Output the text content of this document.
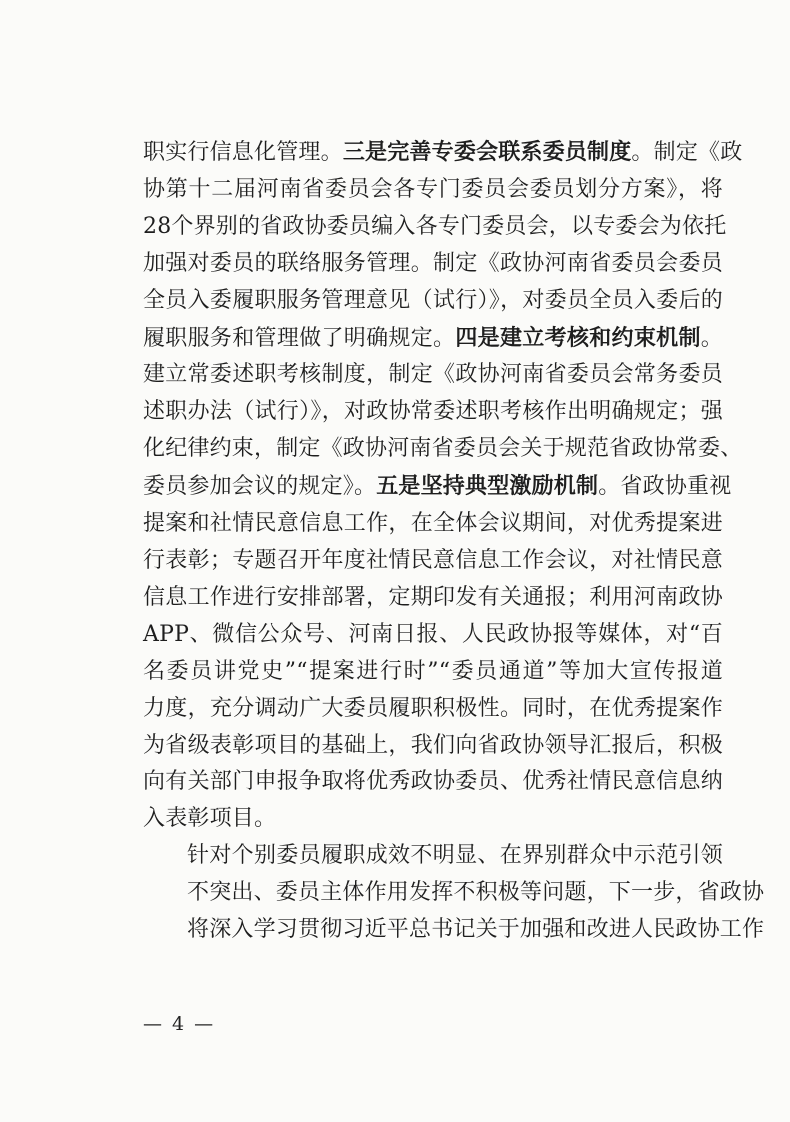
职实行信息化管理。三是完善专委会联系委员制度。制定《政
协第十二届河南省委员会各专门委员会委员划分方案》，将
28个界别的省政协委员编入各专门委员会，以专委会为依托
加强对委员的联络服务管理。制定《政协河南省委员会委员
全员入委履职服务管理意见（试行）》，对委员全员入委后的
履职服务和管理做了明确规定。四是建立考核和约束机制。
建立常委述职考核制度，制定《政协河南省委员会常务委员
述职办法（试行）》，对政协常委述职考核作出明确规定；强
化纪律约束，制定《政协河南省委员会关于规范省政协常委、
委员参加会议的规定》。五是坚持典型激励机制。省政协重视
提案和社情民意信息工作，在全体会议期间，对优秀提案进
行表彰；专题召开年度社情民意信息工作会议，对社情民意
信息工作进行安排部署，定期印发有关通报；利用河南政协
APP、微信公众号、河南日报、人民政协报等媒体，对“百
名委员讲党史”“提案进行时”“委员通道”等加大宣传报道
力度，充分调动广大委员履职积极性。同时，在优秀提案作
为省级表彰项目的基础上，我们向省政协领导汇报后，积极
向有关部门申报争取将优秀政协委员、优秀社情民意信息纳
入表彰项目。
针对个别委员履职成效不明显、在界别群众中示范引领
不突出、委员主体作用发挥不积极等问题，下一步，省政协
将深入学习贯彻习近平总书记关于加强和改进人民政协工作
— 4 —
